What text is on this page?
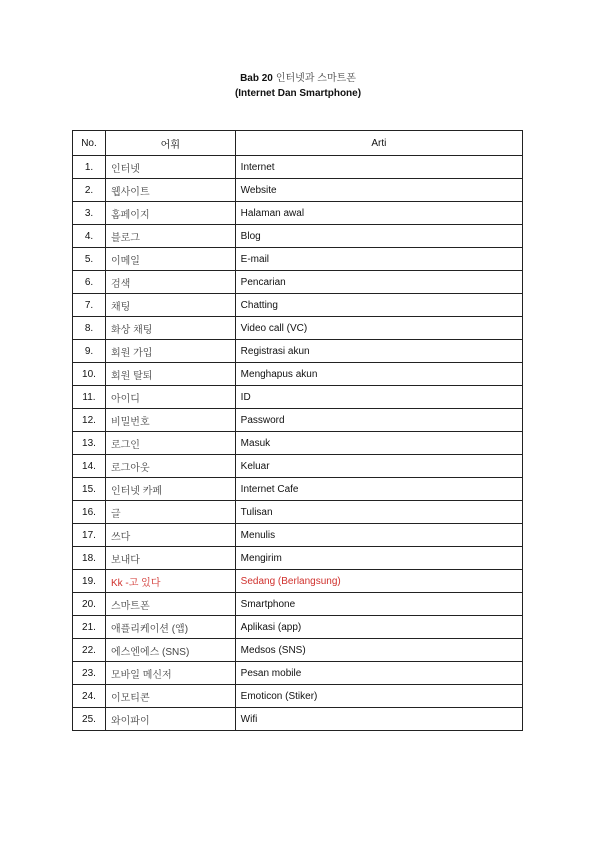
Bab 20 인터넷과 스마트폰
(Internet Dan Smartphone)
No.	어휘	Arti
1.	인터넷	Internet
2.	웹사이트	Website
3.	홈페이지	Halaman awal
4.	블로그	Blog
5.	이메일	E-mail
6.	검색	Pencarian
7.	채팅	Chatting
8.	화상 채팅	Video call (VC)
9.	회원 가입	Registrasi akun
10.	회원 탈퇴	Menghapus akun
11.	아이디	ID
12.	비밀번호	Password
13.	로그인	Masuk
14.	로그아웃	Keluar
15.	인터넷 카페	Internet Cafe
16.	글	Tulisan
17.	쓰다	Menulis
18.	보내다	Mengirim
19.	Kk -고 있다	Sedang (Berlangsung)
20.	스마트폰	Smartphone
21.	애플리케이션 (앱)	Aplikasi (app)
22.	에스엔에스 (SNS)	Medsos (SNS)
23.	모바일 메신저	Pesan mobile
24.	이모티콘	Emoticon (Stiker)
25.	와이파이	Wifi
